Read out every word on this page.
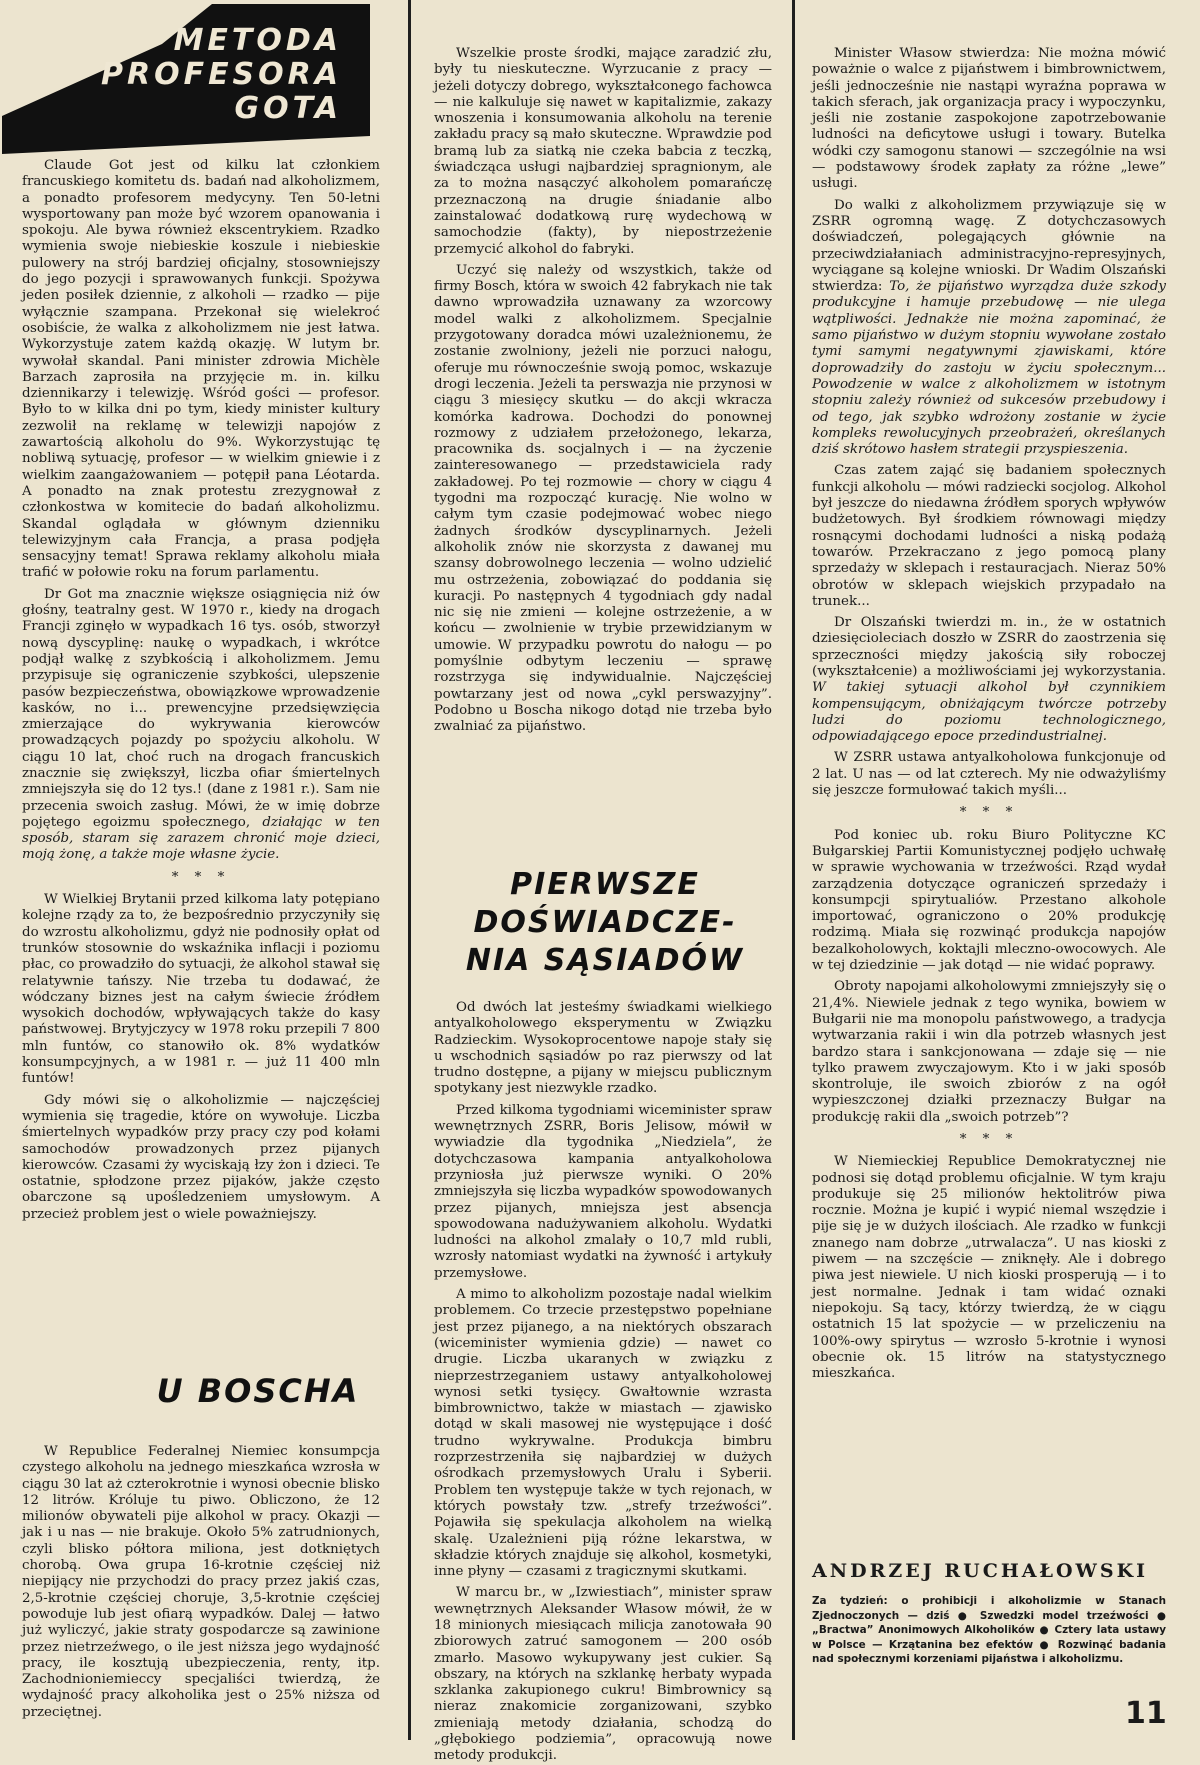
METODA
PROFESORA
GOTA

Claude Got jest od kilku lat członkiem francuskiego komitetu ds. badań nad alkoholizmem, a ponadto profesorem medycyny. Ten 50-letni wysportowany pan może być wzorem opanowania i spokoju. Ale bywa również ekscentrykiem. Rzadko wymienia swoje niebieskie koszule i niebieskie pulowery na strój bardziej oficjalny, stosowniejszy do jego pozycji i sprawowanych funkcji. Spożywa jeden posiłek dziennie, z alkoholi — rzadko — pije wyłącznie szampana. Przekonał się wielekroć osobiście, że walka z alkoholizmem nie jest łatwa. Wykorzystuje zatem każdą okazję. W lutym br. wywołał skandal. Pani minister zdrowia Michèle Barzach zaprosiła na przyjęcie m. in. kilku dziennikarzy i telewizję. Wśród gości — profesor. Było to w kilka dni po tym, kiedy minister kultury zezwolił na reklamę w telewizji napojów z zawartością alkoholu do 9%. Wykorzystując tę nobliwą sytuację, profesor — w wielkim gniewie i z wielkim zaangażowaniem — potępił pana Léotarda. A ponadto na znak protestu zrezygnował z członkostwa w komitecie do badań alkoholizmu. Skandal oglądała w głównym dzienniku telewizyjnym cała Francja, a prasa podjęła sensacyjny temat! Sprawa reklamy alkoholu miała trafić w połowie roku na forum parlamentu.

Dr Got ma znacznie większe osiągnięcia niż ów głośny, teatralny gest. W 1970 r., kiedy na drogach Francji zginęło w wypadkach 16 tys. osób, stworzył nową dyscyplinę: naukę o wypadkach, i wkrótce podjął walkę z szybkością i alkoholizmem. Jemu przypisuje się ograniczenie szybkości, ulepszenie pasów bezpieczeństwa, obowiązkowe wprowadzenie kasków, no i... prewencyjne przedsięwzięcia zmierzające do wykrywania kierowców prowadzących pojazdy po spożyciu alkoholu. W ciągu 10 lat, choć ruch na drogach francuskich znacznie się zwiększył, liczba ofiar śmiertelnych zmniejszyła się do 12 tys.! (dane z 1981 r.). Sam nie przecenia swoich zasług. Mówi, że w imię dobrze pojętego egoizmu społecznego, działając w ten sposób, staram się zarazem chronić moje dzieci, moją żonę, a także moje własne życie.

* * *

W Wielkiej Brytanii przed kilkoma laty potępiano kolejne rządy za to, że bezpośrednio przyczyniły się do wzrostu alkoholizmu, gdyż nie podnosiły opłat od trunków stosownie do wskaźnika inflacji i poziomu płac, co prowadziło do sytuacji, że alkohol stawał się relatywnie tańszy. Nie trzeba tu dodawać, że wódczany biznes jest na całym świecie źródłem wysokich dochodów, wpływających także do kasy państwowej. Brytyjczycy w 1978 roku przepili 7 800 mln funtów, co stanowiło ok. 8% wydatków konsumpcyjnych, a w 1981 r. — już 11 400 mln funtów!

Gdy mówi się o alkoholizmie — najczęściej wymienia się tragedie, które on wywołuje. Liczba śmiertelnych wypadków przy pracy czy pod kołami samochodów prowadzonych przez pijanych kierowców. Czasami ży wyciskają łzy żon i dzieci. Te ostatnie, spłodzone przez pijaków, jakże często obarczone są upośledzeniem umysłowym. A przecież problem jest o wiele poważniejszy.

U BOSCHA

W Republice Federalnej Niemiec konsumpcja czystego alkoholu na jednego mieszkańca wzrosła w ciągu 30 lat aż czterokrotnie i wynosi obecnie blisko 12 litrów. Króluje tu piwo. Obliczono, że 12 milionów obywateli pije alkohol w pracy. Okazji — jak i u nas — nie brakuje. Około 5% zatrudnionych, czyli blisko półtora miliona, jest dotkniętych chorobą. Owa grupa 16-krotnie częściej niż niepijący nie przychodzi do pracy przez jakiś czas, 2,5-krotnie częściej choruje, 3,5-krotnie częściej powoduje lub jest ofiarą wypadków. Dalej — łatwo już wyliczyć, jakie straty gospodarcze są zawinione przez nietrzeźwego, o ile jest niższa jego wydajność pracy, ile kosztują ubezpieczenia, renty, itp. Zachodnioniemieccy specjaliści twierdzą, że wydajność pracy alkoholika jest o 25% niższa od przeciętnej.

Wszelkie proste środki, mające zaradzić złu, były tu nieskuteczne. Wyrzucanie z pracy — jeżeli dotyczy dobrego, wykształconego fachowca — nie kalkuluje się nawet w kapitalizmie, zakazy wnoszenia i konsumowania alkoholu na terenie zakładu pracy są mało skuteczne. Wprawdzie pod bramą lub za siatką nie czeka babcia z teczką, świadcząca usługi najbardziej spragnionym, ale za to można nasączyć alkoholem pomarańczę przeznaczoną na drugie śniadanie albo zainstalować dodatkową rurę wydechową w samochodzie (fakty), by niepostrzeżenie przemycić alkohol do fabryki.

Uczyć się należy od wszystkich, także od firmy Bosch, która w swoich 42 fabrykach nie tak dawno wprowadziła uznawany za wzorcowy model walki z alkoholizmem. Specjalnie przygotowany doradca mówi uzależnionemu, że zostanie zwolniony, jeżeli nie porzuci nałogu, oferuje mu równocześnie swoją pomoc, wskazuje drogi leczenia. Jeżeli ta perswazja nie przynosi w ciągu 3 miesięcy skutku — do akcji wkracza komórka kadrowa. Dochodzi do ponownej rozmowy z udziałem przełożonego, lekarza, pracownika ds. socjalnych i — na życzenie zainteresowanego — przedstawiciela rady zakładowej. Po tej rozmowie — chory w ciągu 4 tygodni ma rozpocząć kurację. Nie wolno w całym tym czasie podejmować wobec niego żadnych środków dyscyplinarnych. Jeżeli alkoholik znów nie skorzysta z dawanej mu szansy dobrowolnego leczenia — wolno udzielić mu ostrzeżenia, zobowiązać do poddania się kuracji. Po następnych 4 tygodniach gdy nadal nic się nie zmieni — kolejne ostrzeżenie, a w końcu — zwolnienie w trybie przewidzianym w umowie. W przypadku powrotu do nałogu — po pomyślnie odbytym leczeniu — sprawę rozstrzyga się indywidualnie. Najczęściej powtarzany jest od nowa „cykl perswazyjny”. Podobno u Boscha nikogo dotąd nie trzeba było zwalniać za pijaństwo.

PIERWSZE
DOŚWIADCZE-
NIA SĄSIADÓW

Od dwóch lat jesteśmy świadkami wielkiego antyalkoholowego eksperymentu w Związku Radzieckim. Wysokoprocentowe napoje stały się u wschodnich sąsiadów po raz pierwszy od lat trudno dostępne, a pijany w miejscu publicznym spotykany jest niezwykle rzadko.

Przed kilkoma tygodniami wiceminister spraw wewnętrznych ZSRR, Boris Jelisow, mówił w wywiadzie dla tygodnika „Niedziela”, że dotychczasowa kampania antyalkoholowa przyniosła już pierwsze wyniki. O 20% zmniejszyła się liczba wypadków spowodowanych przez pijanych, mniejsza jest absencja spowodowana nadużywaniem alkoholu. Wydatki ludności na alkohol zmalały o 10,7 mld rubli, wzrosły natomiast wydatki na żywność i artykuły przemysłowe.

A mimo to alkoholizm pozostaje nadal wielkim problemem. Co trzecie przestępstwo popełniane jest przez pijanego, a na niektórych obszarach (wiceminister wymienia gdzie) — nawet co drugie. Liczba ukaranych w związku z nieprzestrzeganiem ustawy antyalkoholowej wynosi setki tysięcy. Gwałtownie wzrasta bimbrownictwo, także w miastach — zjawisko dotąd w skali masowej nie występujące i dość trudno wykrywalne. Produkcja bimbru rozprzestrzeniła się najbardziej w dużych ośrodkach przemysłowych Uralu i Syberii. Problem ten występuje także w tych rejonach, w których powstały tzw. „strefy trzeźwości”. Pojawiła się spekulacja alkoholem na wielką skalę. Uzależnieni piją różne lekarstwa, w składzie których znajduje się alkohol, kosmetyki, inne płyny — czasami z tragicznymi skutkami.

W marcu br., w „Izwiestiach”, minister spraw wewnętrznych Aleksander Własow mówił, że w 18 minionych miesiącach milicja zanotowała 90 zbiorowych zatruć samogonem — 200 osób zmarło. Masowo wykupywany jest cukier. Są obszary, na których na szklankę herbaty wypada szklanka zakupionego cukru! Bimbrownicy są nieraz znakomicie zorganizowani, szybko zmieniają metody działania, schodzą do „głębokiego podziemia”, opracowują nowe metody produkcji.

Minister Własow stwierdza: Nie można mówić poważnie o walce z pijaństwem i bimbrownictwem, jeśli jednocześnie nie nastąpi wyraźna poprawa w takich sferach, jak organizacja pracy i wypoczynku, jeśli nie zostanie zaspokojone zapotrzebowanie ludności na deficytowe usługi i towary. Butelka wódki czy samogonu stanowi — szczególnie na wsi — podstawowy środek zapłaty za różne „lewe” usługi.

Do walki z alkoholizmem przywiązuje się w ZSRR ogromną wagę. Z dotychczasowych doświadczeń, polegających głównie na przeciwdziałaniach administracyjno-represyjnych, wyciągane są kolejne wnioski. Dr Wadim Olszański stwierdza: To, że pijaństwo wyrządza duże szkody produkcyjne i hamuje przebudowę — nie ulega wątpliwości. Jednakże nie można zapominać, że samo pijaństwo w dużym stopniu wywołane zostało tymi samymi negatywnymi zjawiskami, które doprowadziły do zastoju w życiu społecznym... Powodzenie w walce z alkoholizmem w istotnym stopniu zależy również od sukcesów przebudowy i od tego, jak szybko wdrożony zostanie w życie kompleks rewolucyjnych przeobrażeń, określanych dziś skrótowo hasłem strategii przyspieszenia.

Czas zatem zająć się badaniem społecznych funkcji alkoholu — mówi radziecki socjolog. Alkohol był jeszcze do niedawna źródłem sporych wpływów budżetowych. Był środkiem równowagi między rosnącymi dochodami ludności a niską podażą towarów. Przekraczano z jego pomocą plany sprzedaży w sklepach i restauracjach. Nieraz 50% obrotów w sklepach wiejskich przypadało na trunek...

Dr Olszański twierdzi m. in., że w ostatnich dziesięcioleciach doszło w ZSRR do zaostrzenia się sprzeczności między jakością siły roboczej (wykształcenie) a możliwościami jej wykorzystania. W takiej sytuacji alkohol był czynnikiem kompensującym, obniżającym twórcze potrzeby ludzi do poziomu technologicznego, odpowiadającego epoce przedindustrialnej.

W ZSRR ustawa antyalkoholowa funkcjonuje od 2 lat. U nas — od lat czterech. My nie odważyliśmy się jeszcze formułować takich myśli...

* * *

Pod koniec ub. roku Biuro Polityczne KC Bułgarskiej Partii Komunistycznej podjęło uchwałę w sprawie wychowania w trzeźwości. Rząd wydał zarządzenia dotyczące ograniczeń sprzedaży i konsumpcji spirytualiów. Przestano alkohole importować, ograniczono o 20% produkcję rodzimą. Miała się rozwinąć produkcja napojów bezalkoholowych, koktajli mleczno-owocowych. Ale w tej dziedzinie — jak dotąd — nie widać poprawy.

Obroty napojami alkoholowymi zmniejszyły się o 21,4%. Niewiele jednak z tego wynika, bowiem w Bułgarii nie ma monopolu państwowego, a tradycja wytwarzania rakii i win dla potrzeb własnych jest bardzo stara i sankcjonowana — zdaje się — nie tylko prawem zwyczajowym. Kto i w jaki sposób skontroluje, ile swoich zbiorów z na ogół wypieszczonej działki przeznaczy Bułgar na produkcję rakii dla „swoich potrzeb”?

* * *

W Niemieckiej Republice Demokratycznej nie podnosi się dotąd problemu oficjalnie. W tym kraju produkuje się 25 milionów hektolitrów piwa rocznie. Można je kupić i wypić niemal wszędzie i pije się je w dużych ilościach. Ale rzadko w funkcji znanego nam dobrze „utrwalacza”. U nas kioski z piwem — na szczęście — zniknęły. Ale i dobrego piwa jest niewiele. U nich kioski prosperują — i to jest normalne. Jednak i tam widać oznaki niepokoju. Są tacy, którzy twierdzą, że w ciągu ostatnich 15 lat spożycie — w przeliczeniu na 100%-owy spirytus — wzrosło 5-krotnie i wynosi obecnie ok. 15 litrów na statystycznego mieszkańca.

ANDRZEJ RUCHAŁOWSKI
Za tydzień: o prohibicji i alkoholizmie w Stanach Zjednoczonych — dziś ● Szwedzki model trzeźwości ● „Bractwa” Anonimowych Alkoholików ● Cztery lata ustawy w Polsce — Krzątanina bez efektów ● Rozwinąć badania nad społecznymi korzeniami pijaństwa i alkoholizmu.
11
